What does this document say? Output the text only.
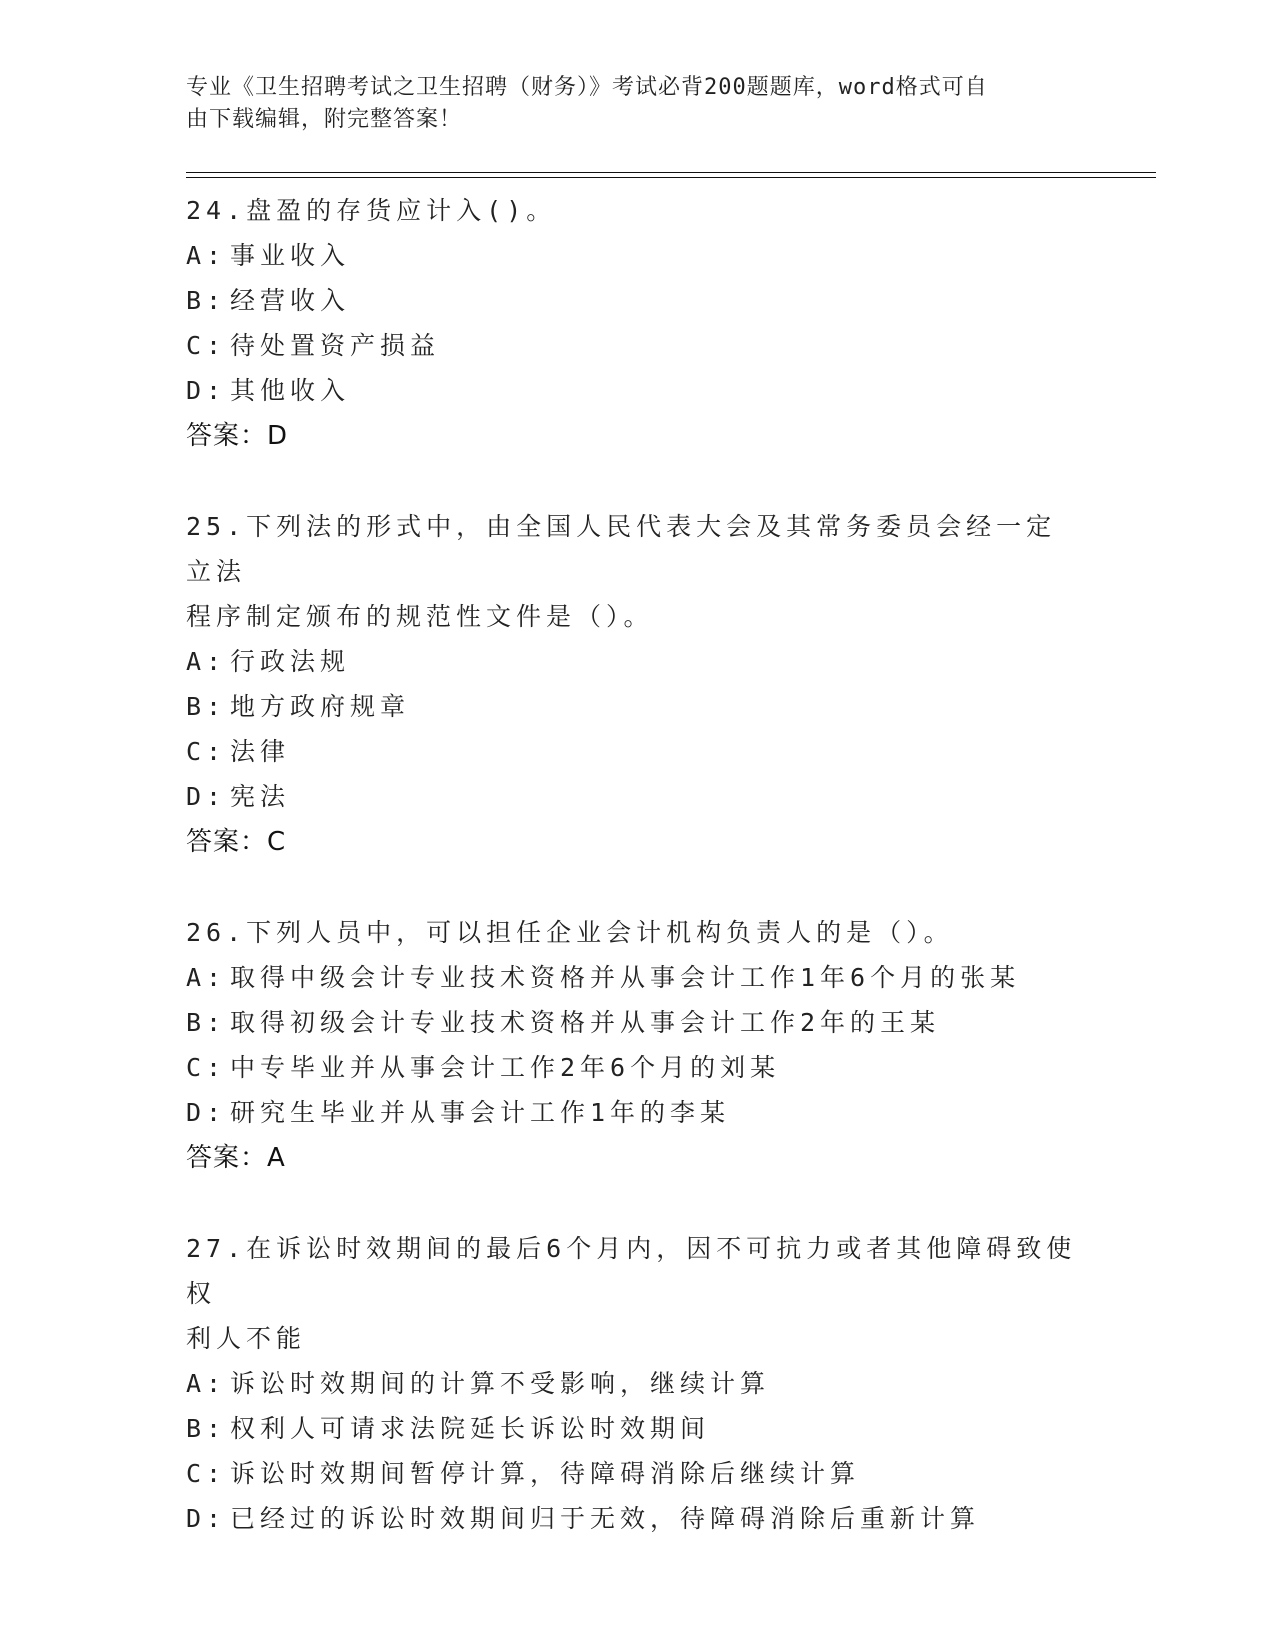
专业《卫生招聘考试之卫生招聘（财务）》考试必背200题题库，word格式可自
由下载编辑，附完整答案！
24.盘盈的存货应计入()。
A: 事业收入
B: 经营收入
C: 待处置资产损益
D: 其他收入
答案：D
25.下列法的形式中，由全国人民代表大会及其常务委员会经一定立法
程序制定颁布的规范性文件是（）。
A: 行政法规
B: 地方政府规章
C: 法律
D: 宪法
答案：C
26.下列人员中，可以担任企业会计机构负责人的是（）。
A: 取得中级会计专业技术资格并从事会计工作1年6个月的张某
B: 取得初级会计专业技术资格并从事会计工作2年的王某
C: 中专毕业并从事会计工作2年6个月的刘某
D: 研究生毕业并从事会计工作1年的李某
答案：A
27.在诉讼时效期间的最后6个月内，因不可抗力或者其他障碍致使权
利人不能
A: 诉讼时效期间的计算不受影响，继续计算
B: 权利人可请求法院延长诉讼时效期间
C: 诉讼时效期间暂停计算，待障碍消除后继续计算
D: 已经过的诉讼时效期间归于无效，待障碍消除后重新计算
